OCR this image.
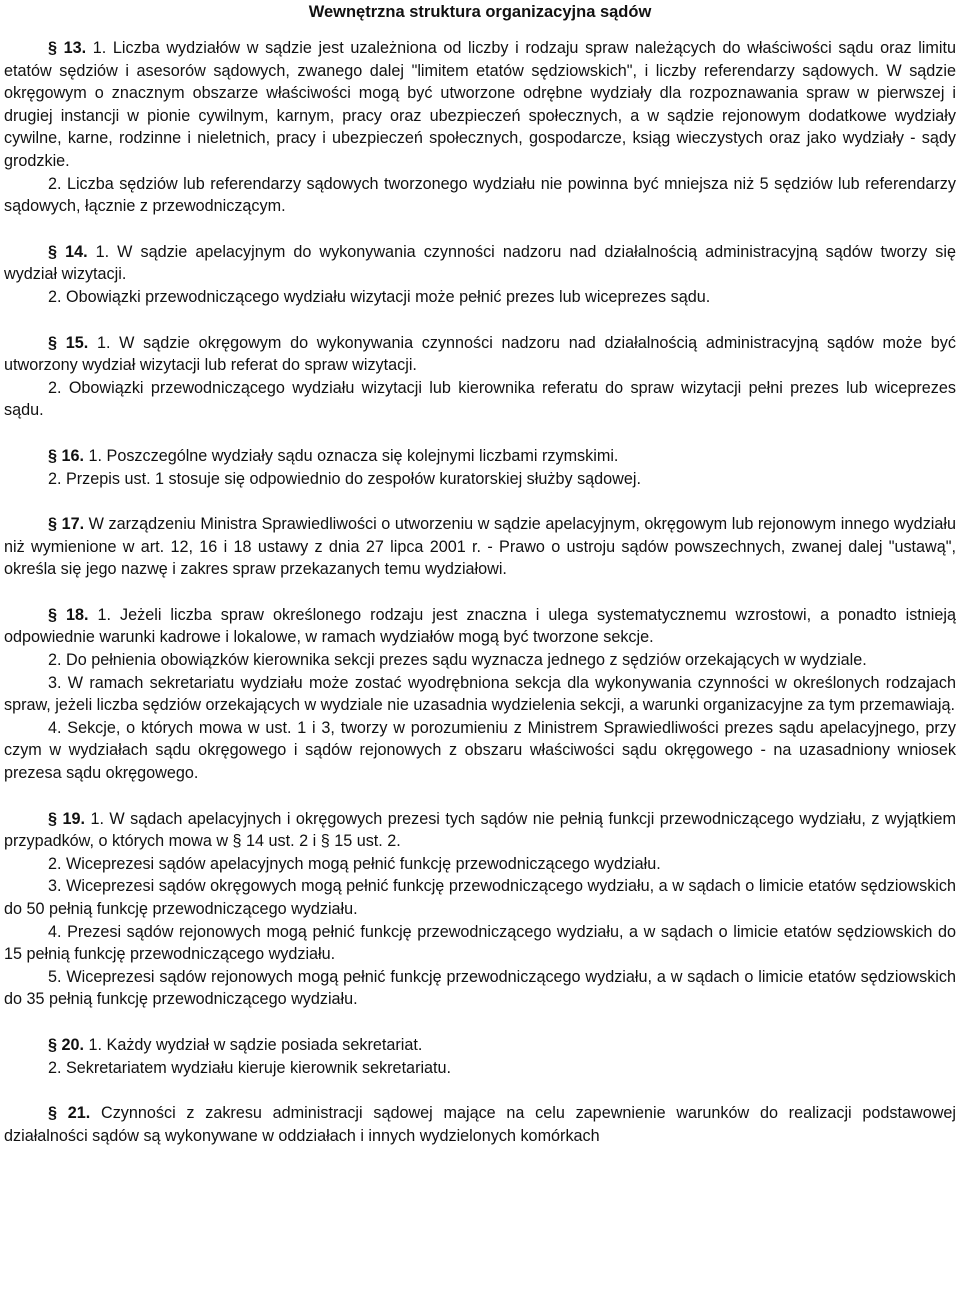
Wewnętrzna struktura organizacyjna sądów

§ 13. 1. Liczba wydziałów w sądzie jest uzależniona od liczby i rodzaju spraw należących do właściwości sądu oraz limitu etatów sędziów i asesorów sądowych, zwanego dalej "limitem etatów sędziowskich", i liczby referendarzy sądowych. W sądzie okręgowym o znacznym obszarze właściwości mogą być utworzone odrębne wydziały dla rozpoznawania spraw w pierwszej i drugiej instancji w pionie cywilnym, karnym, pracy oraz ubezpieczeń społecznych, a w sądzie rejonowym dodatkowe wydziały cywilne, karne, rodzinne i nieletnich, pracy i ubezpieczeń społecznych, gospodarcze, ksiąg wieczystych oraz jako wydziały - sądy grodzkie.

2. Liczba sędziów lub referendarzy sądowych tworzonego wydziału nie powinna być mniejsza niż 5 sędziów lub referendarzy sądowych, łącznie z przewodniczącym.

§ 14. 1. W sądzie apelacyjnym do wykonywania czynności nadzoru nad działalnością administracyjną sądów tworzy się wydział wizytacji.

2. Obowiązki przewodniczącego wydziału wizytacji może pełnić prezes lub wiceprezes sądu.

§ 15. 1. W sądzie okręgowym do wykonywania czynności nadzoru nad działalnością administracyjną sądów może być utworzony wydział wizytacji lub referat do spraw wizytacji.

2. Obowiązki przewodniczącego wydziału wizytacji lub kierownika referatu do spraw wizytacji pełni prezes lub wiceprezes sądu.

§ 16. 1. Poszczególne wydziały sądu oznacza się kolejnymi liczbami rzymskimi.

2. Przepis ust. 1 stosuje się odpowiednio do zespołów kuratorskiej służby sądowej.

§ 17. W zarządzeniu Ministra Sprawiedliwości o utworzeniu w sądzie apelacyjnym, okręgowym lub rejonowym innego wydziału niż wymienione w art. 12, 16 i 18 ustawy z dnia 27 lipca 2001 r. - Prawo o ustroju sądów powszechnych, zwanej dalej "ustawą", określa się jego nazwę i zakres spraw przekazanych temu wydziałowi.

§ 18. 1. Jeżeli liczba spraw określonego rodzaju jest znaczna i ulega systematycznemu wzrostowi, a ponadto istnieją odpowiednie warunki kadrowe i lokalowe, w ramach wydziałów mogą być tworzone sekcje.

2. Do pełnienia obowiązków kierownika sekcji prezes sądu wyznacza jednego z sędziów orzekających w wydziale.

3. W ramach sekretariatu wydziału może zostać wyodrębniona sekcja dla wykonywania czynności w określonych rodzajach spraw, jeżeli liczba sędziów orzekających w wydziale nie uzasadnia wydzielenia sekcji, a warunki organizacyjne za tym przemawiają.

4. Sekcje, o których mowa w ust. 1 i 3, tworzy w porozumieniu z Ministrem Sprawiedliwości prezes sądu apelacyjnego, przy czym w wydziałach sądu okręgowego i sądów rejonowych z obszaru właściwości sądu okręgowego - na uzasadniony wniosek prezesa sądu okręgowego.

§ 19. 1. W sądach apelacyjnych i okręgowych prezesi tych sądów nie pełnią funkcji przewodniczącego wydziału, z wyjątkiem przypadków, o których mowa w § 14 ust. 2 i § 15 ust. 2.

2. Wiceprezesi sądów apelacyjnych mogą pełnić funkcję przewodniczącego wydziału.

3. Wiceprezesi sądów okręgowych mogą pełnić funkcję przewodniczącego wydziału, a w sądach o limicie etatów sędziowskich do 50 pełnią funkcję przewodniczącego wydziału.

4. Prezesi sądów rejonowych mogą pełnić funkcję przewodniczącego wydziału, a w sądach o limicie etatów sędziowskich do 15 pełnią funkcję przewodniczącego wydziału.

5. Wiceprezesi sądów rejonowych mogą pełnić funkcję przewodniczącego wydziału, a w sądach o limicie etatów sędziowskich do 35 pełnią funkcję przewodniczącego wydziału.

§ 20. 1. Każdy wydział w sądzie posiada sekretariat.

2. Sekretariatem wydziału kieruje kierownik sekretariatu.

§ 21. Czynności z zakresu administracji sądowej mające na celu zapewnienie warunków do realizacji podstawowej działalności sądów są wykonywane w oddziałach i innych wydzielonych komórkach
